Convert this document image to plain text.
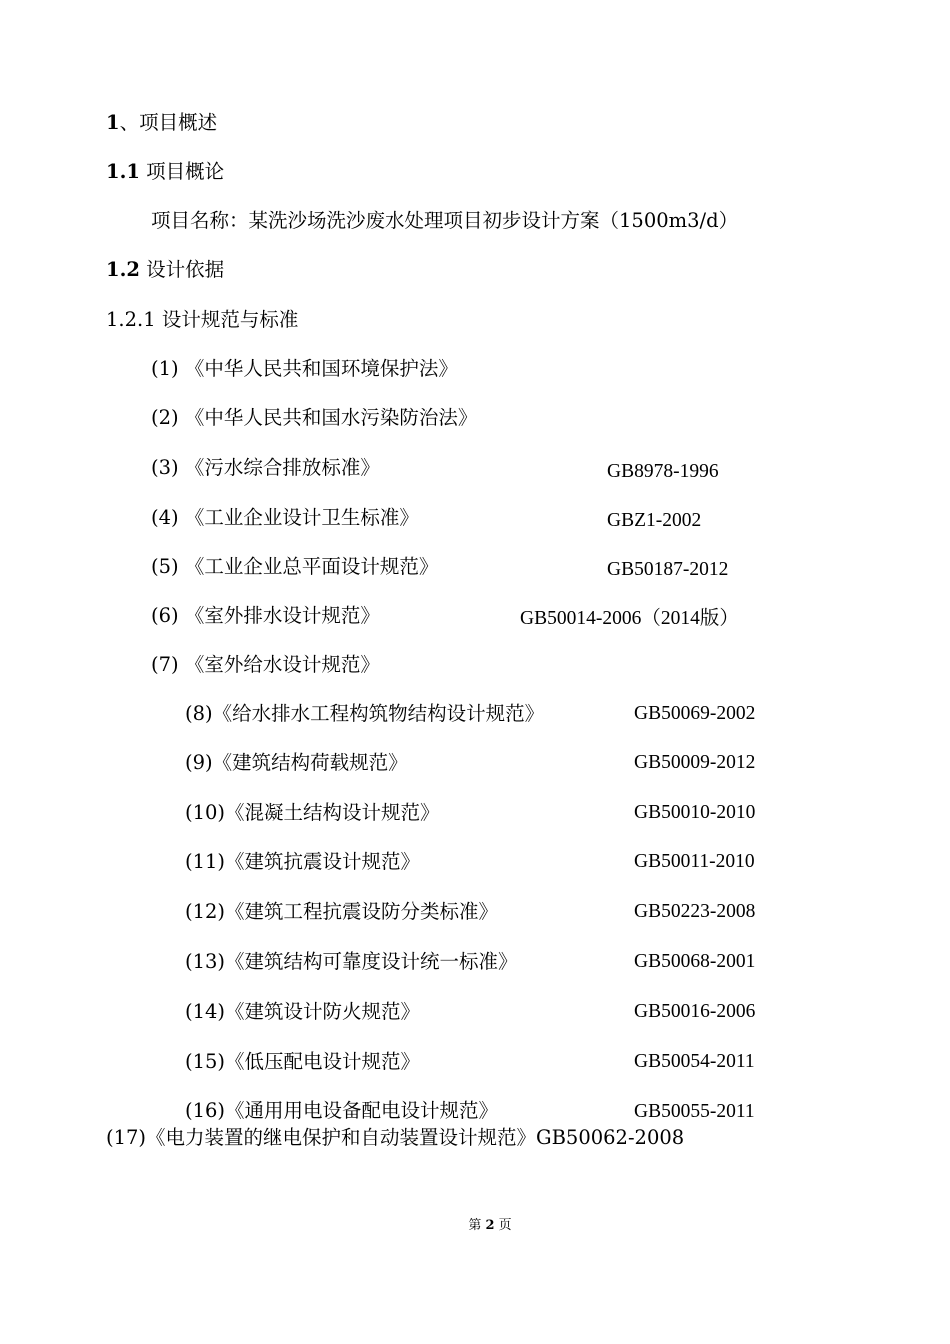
1、项目概述
1.1 项目概论
项目名称：某洗沙场洗沙废水处理项目初步设计方案（1500m3/d）
1.2 设计依据
1.2.1 设计规范与标准
(1) 《中华人民共和国环境保护法》
(2) 《中华人民共和国水污染防治法》
(3) 《污水综合排放标准》	GB8978-1996
(4) 《工业企业设计卫生标准》	GBZ1-2002
(5) 《工业企业总平面设计规范》	GB50187-2012
(6) 《室外排水设计规范》	GB50014-2006（2014版）
(7) 《室外给水设计规范》
(8)《给水排水工程构筑物结构设计规范》	GB50069-2002
(9)《建筑结构荷载规范》	GB50009-2012
(10)《混凝土结构设计规范》	GB50010-2010
(11)《建筑抗震设计规范》	GB50011-2010
(12)《建筑工程抗震设防分类标准》	GB50223-2008
(13)《建筑结构可靠度设计统一标准》	GB50068-2001
(14)《建筑设计防火规范》	GB50016-2006
(15)《低压配电设计规范》	GB50054-2011
(16)《通用用电设备配电设计规范》	GB50055-2011
(17)《电力装置的继电保护和自动装置设计规范》GB50062-2008
第 2 页
